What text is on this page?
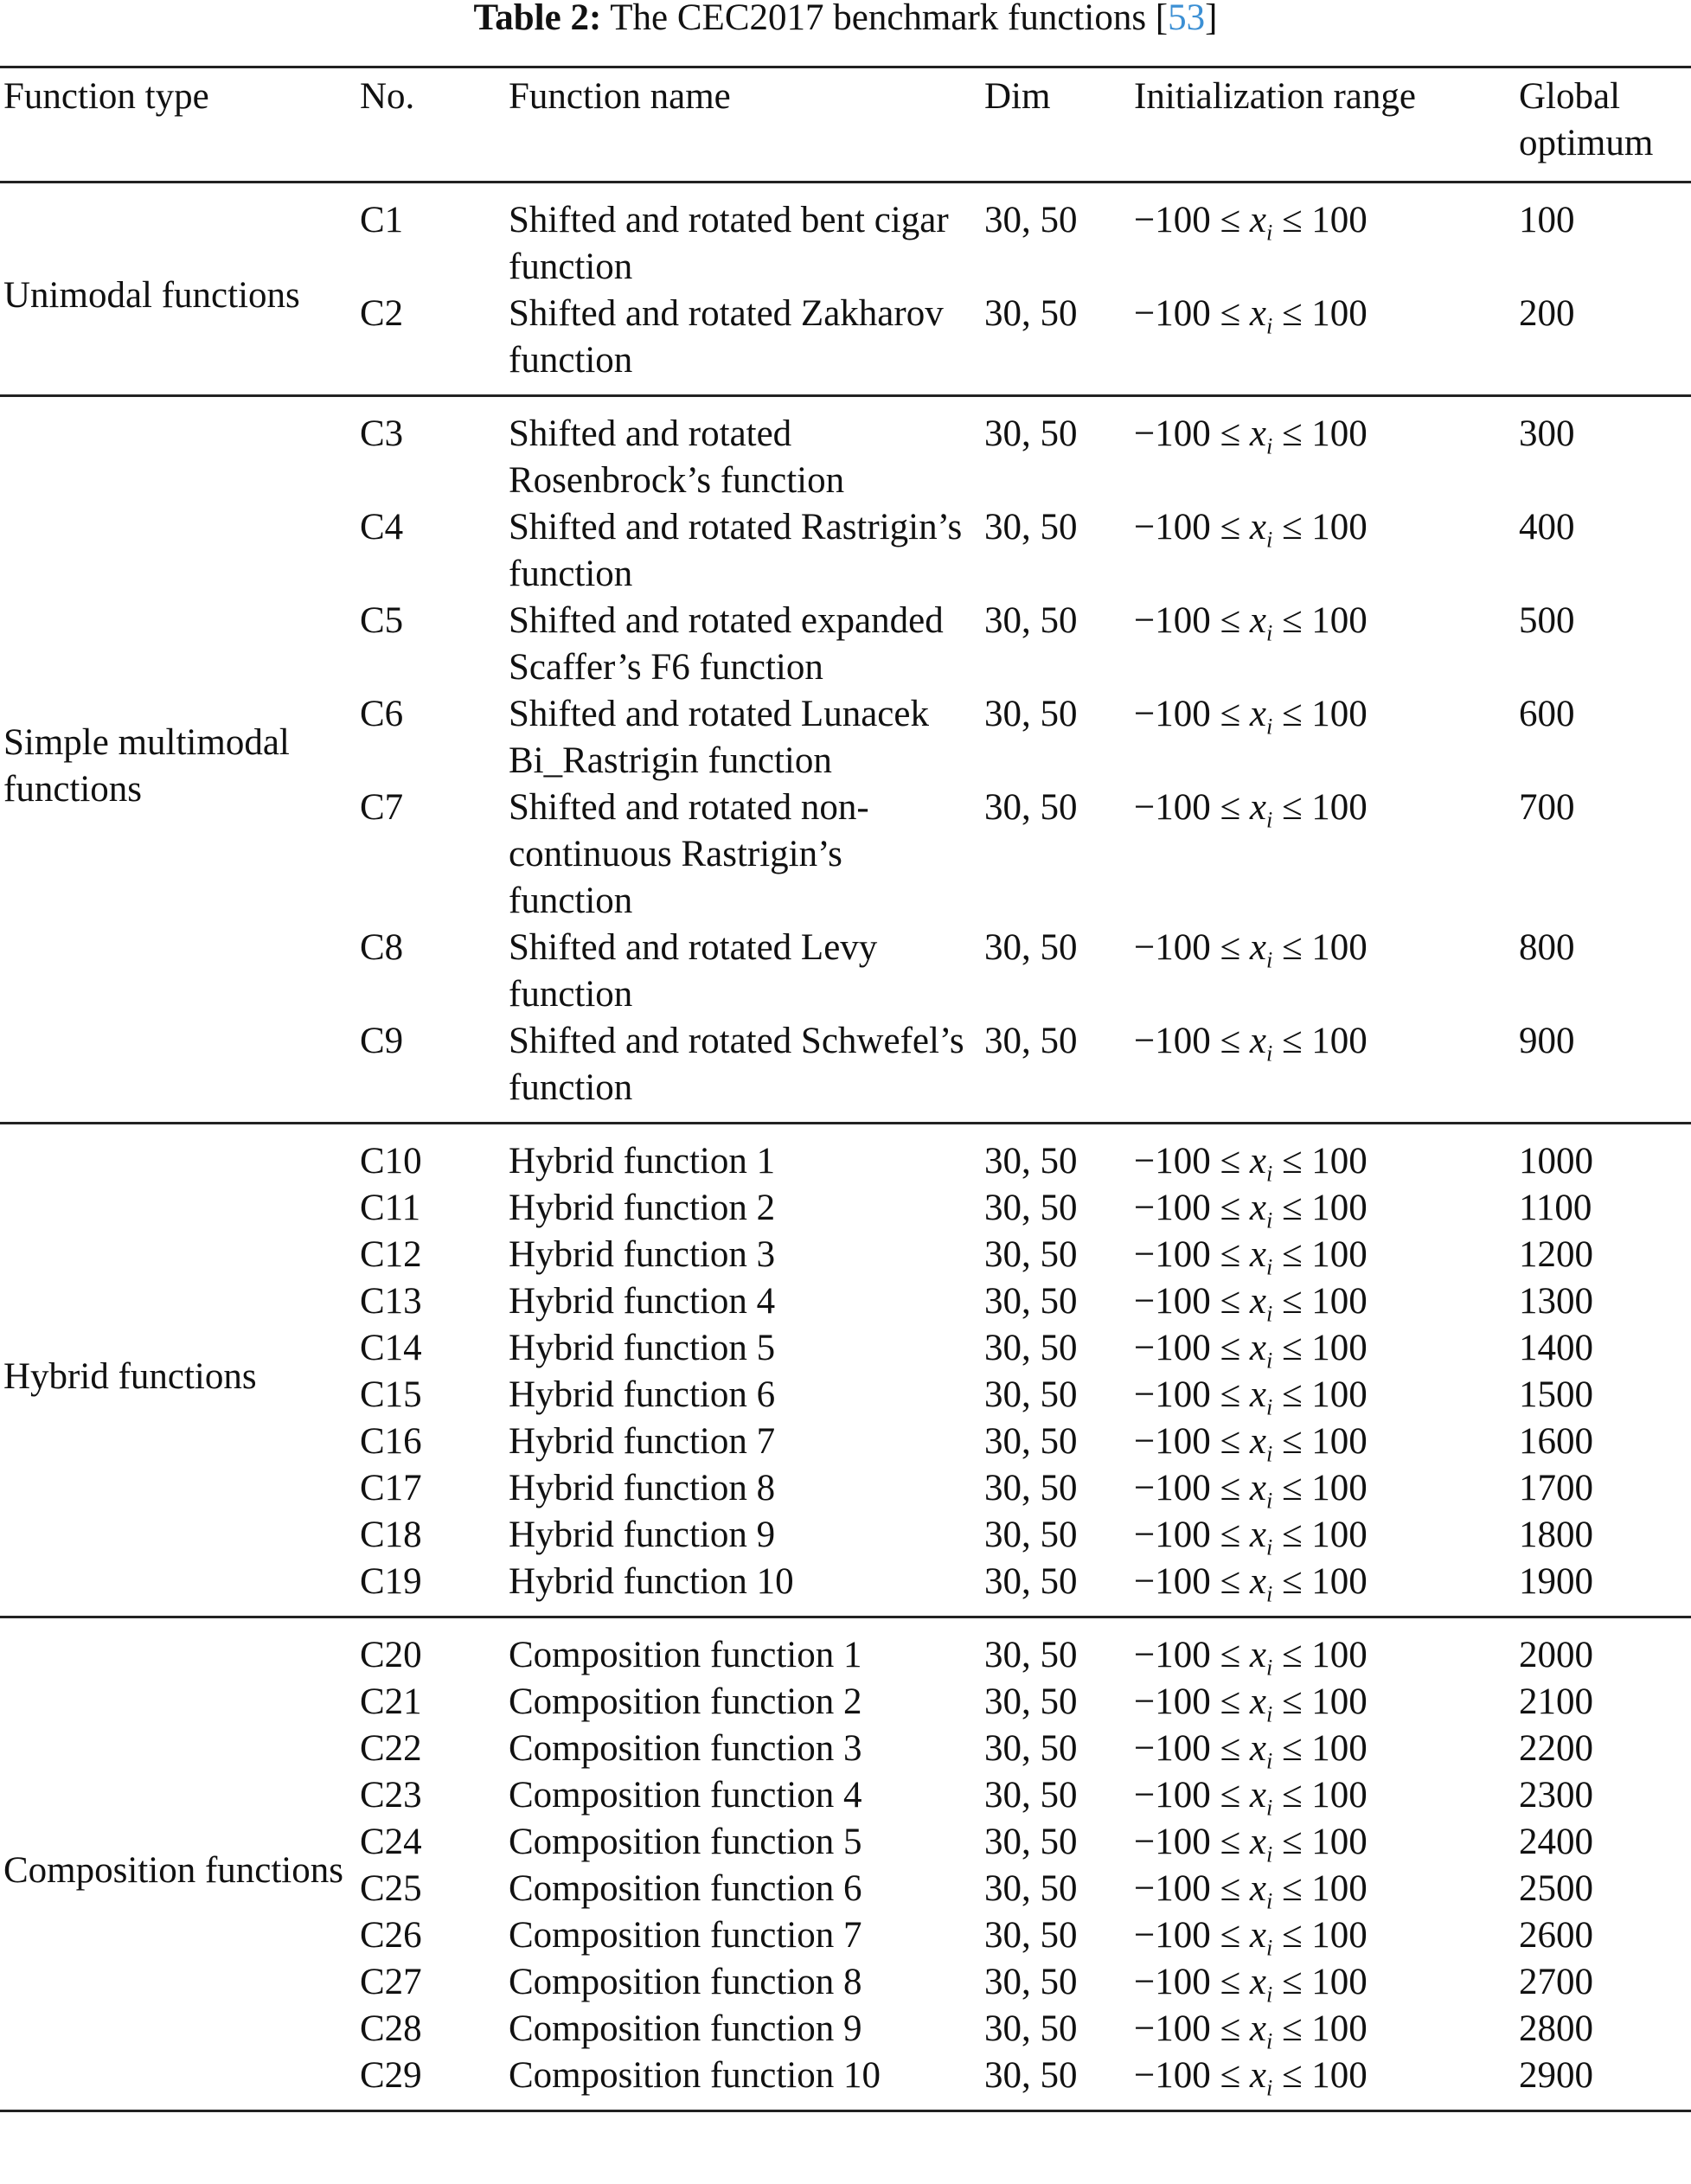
Table 2: The CEC2017 benchmark functions [53]
Function type	No.	Function name	Dim	Initialization range	Global optimum
Unimodal functions	C1	Shifted and rotated bent cigar function	30, 50	$-100 \le x_i \le 100$	100
	C2	Shifted and rotated Zakharov function	30, 50	$-100 \le x_i \le 100$	200
Simple multimodal functions	C3	Shifted and rotated Rosenbrock’s function	30, 50	$-100 \le x_i \le 100$	300
	C4	Shifted and rotated Rastrigin’s function	30, 50	$-100 \le x_i \le 100$	400
	C5	Shifted and rotated expanded Scaffer’s F6 function	30, 50	$-100 \le x_i \le 100$	500
	C6	Shifted and rotated Lunacek Bi_Rastrigin function	30, 50	$-100 \le x_i \le 100$	600
	C7	Shifted and rotated non-continuous Rastrigin’s function	30, 50	$-100 \le x_i \le 100$	700
	C8	Shifted and rotated Levy function	30, 50	$-100 \le x_i \le 100$	800
	C9	Shifted and rotated Schwefel’s function	30, 50	$-100 \le x_i \le 100$	900
Hybrid functions	C10	Hybrid function 1	30, 50	$-100 \le x_i \le 100$	1000
	C11	Hybrid function 2	30, 50	$-100 \le x_i \le 100$	1100
	C12	Hybrid function 3	30, 50	$-100 \le x_i \le 100$	1200
	C13	Hybrid function 4	30, 50	$-100 \le x_i \le 100$	1300
	C14	Hybrid function 5	30, 50	$-100 \le x_i \le 100$	1400
	C15	Hybrid function 6	30, 50	$-100 \le x_i \le 100$	1500
	C16	Hybrid function 7	30, 50	$-100 \le x_i \le 100$	1600
	C17	Hybrid function 8	30, 50	$-100 \le x_i \le 100$	1700
	C18	Hybrid function 9	30, 50	$-100 \le x_i \le 100$	1800
	C19	Hybrid function 10	30, 50	$-100 \le x_i \le 100$	1900
Composition functions	C20	Composition function 1	30, 50	$-100 \le x_i \le 100$	2000
	C21	Composition function 2	30, 50	$-100 \le x_i \le 100$	2100
	C22	Composition function 3	30, 50	$-100 \le x_i \le 100$	2200
	C23	Composition function 4	30, 50	$-100 \le x_i \le 100$	2300
	C24	Composition function 5	30, 50	$-100 \le x_i \le 100$	2400
	C25	Composition function 6	30, 50	$-100 \le x_i \le 100$	2500
	C26	Composition function 7	30, 50	$-100 \le x_i \le 100$	2600
	C27	Composition function 8	30, 50	$-100 \le x_i \le 100$	2700
	C28	Composition function 9	30, 50	$-100 \le x_i \le 100$	2800
	C29	Composition function 10	30, 50	$-100 \le x_i \le 100$	2900
